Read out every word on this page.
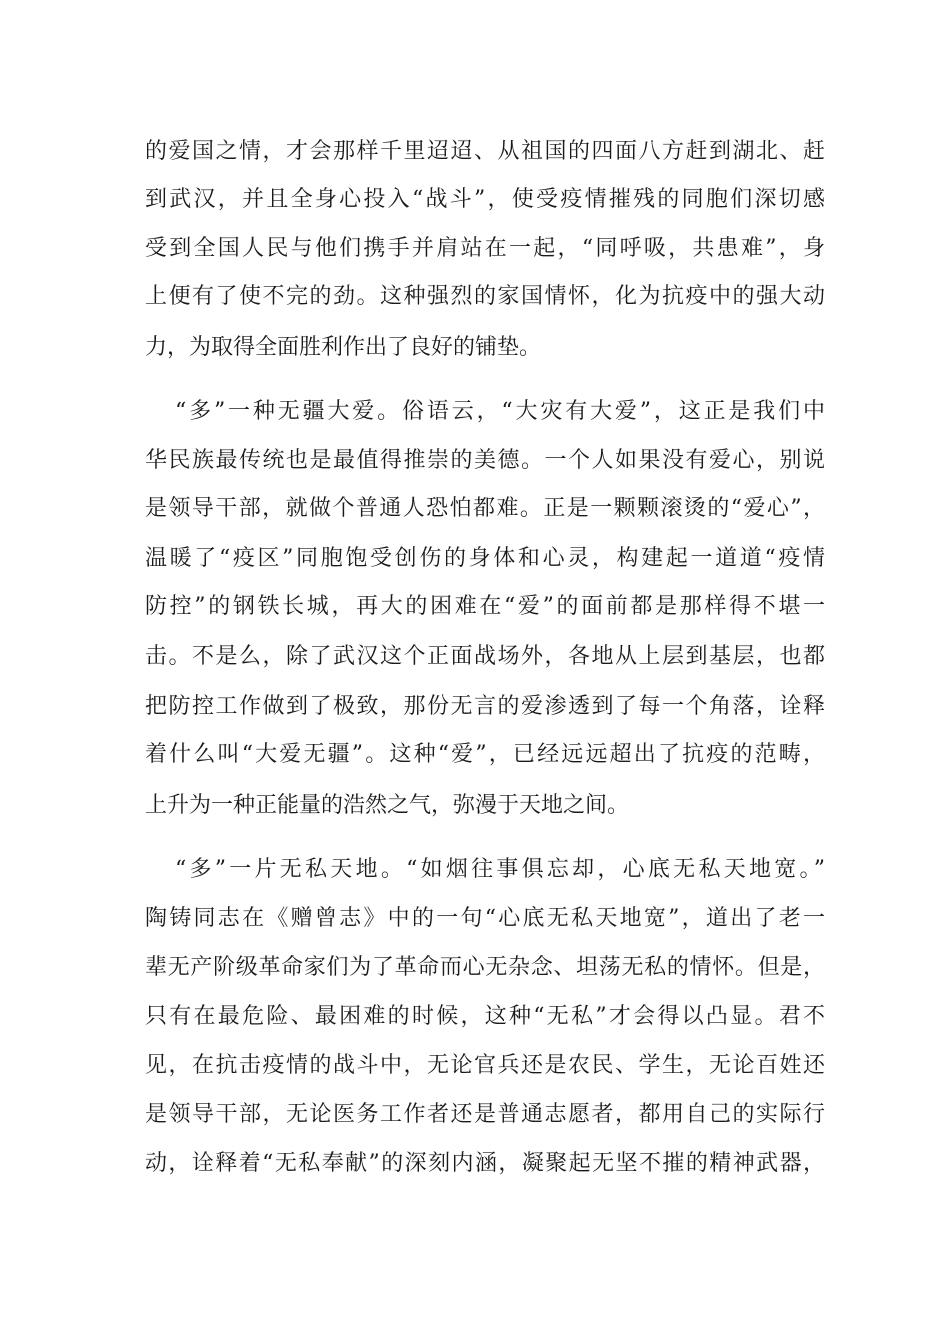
的爱国之情，才会那样千里迢迢、从祖国的四面八方赶到湖北、赶
到武汉，并且全身心投入“战斗”，使受疫情摧残的同胞们深切感
受到全国人民与他们携手并肩站在一起，“同呼吸，共患难”，身
上便有了使不完的劲。这种强烈的家国情怀，化为抗疫中的强大动
力，为取得全面胜利作出了良好的铺垫。
“多”一种无疆大爱。俗语云，“大灾有大爱”，这正是我们中
华民族最传统也是最值得推崇的美德。一个人如果没有爱心，别说
是领导干部，就做个普通人恐怕都难。正是一颗颗滚烫的“爱心”，
温暖了“疫区”同胞饱受创伤的身体和心灵，构建起一道道“疫情
防控”的钢铁长城，再大的困难在“爱”的面前都是那样得不堪一
击。不是么，除了武汉这个正面战场外，各地从上层到基层，也都
把防控工作做到了极致，那份无言的爱渗透到了每一个角落，诠释
着什么叫“大爱无疆”。这种“爱”，已经远远超出了抗疫的范畴，
上升为一种正能量的浩然之气，弥漫于天地之间。
“多”一片无私天地。“如烟往事俱忘却，心底无私天地宽。”
陶铸同志在《赠曾志》中的一句“心底无私天地宽”，道出了老一
辈无产阶级革命家们为了革命而心无杂念、坦荡无私的情怀。但是，
只有在最危险、最困难的时候，这种“无私”才会得以凸显。君不
见，在抗击疫情的战斗中，无论官兵还是农民、学生，无论百姓还
是领导干部，无论医务工作者还是普通志愿者，都用自己的实际行
动，诠释着“无私奉献”的深刻内涵，凝聚起无坚不摧的精神武器，
